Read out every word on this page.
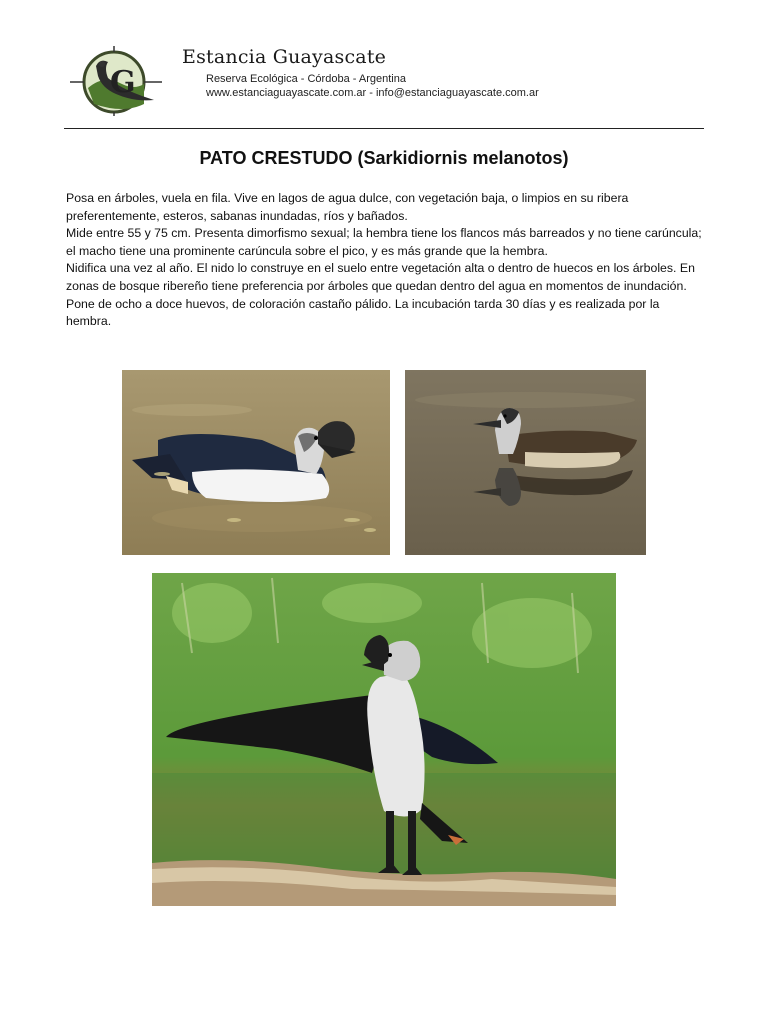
G
Estancia Guayascate
Reserva Ecológica - Córdoba - Argentina
www.estanciaguayascate.com.ar - info@estanciaguayascate.com.ar
PATO CRESTUDO (Sarkidiornis melanotos)

Posa en árboles, vuela en fila. Vive en lagos de agua dulce, con vegetación baja, o limpios en su ribera preferentemente, esteros, sabanas inundadas, ríos y bañados.

Mide entre 55 y 75 cm. Presenta dimorfismo sexual; la hembra tiene los flancos más barreados y no tiene carúncula; el macho tiene una prominente carúncula sobre el pico, y es más grande que la hembra.

Nidifica una vez al año. El nido lo construye en el suelo entre vegetación alta o dentro de huecos en los árboles. En zonas de bosque ribereño tiene preferencia por árboles que quedan dentro del agua en momentos de inundación. Pone de ocho a doce huevos, de coloración castaño pálido. La incubación tarda 30 días y es realizada por la hembra.
